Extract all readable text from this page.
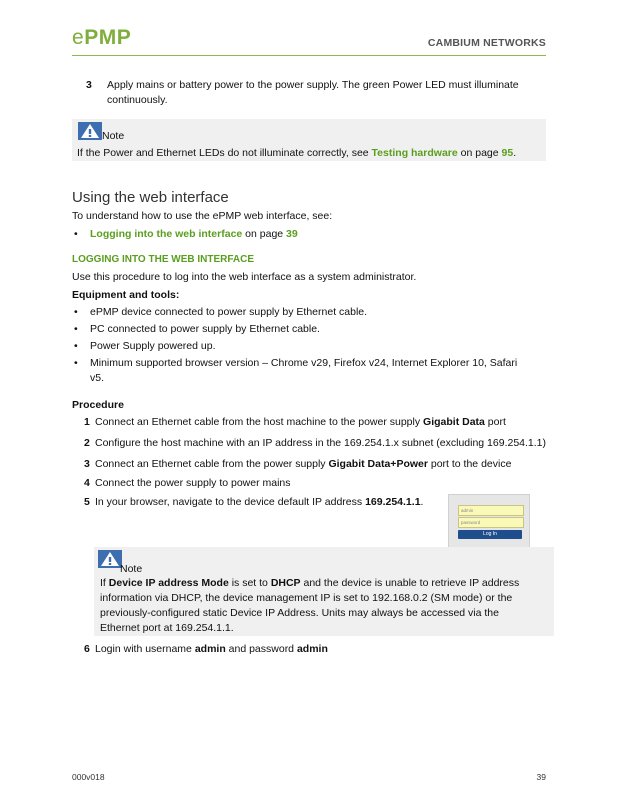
ePMP	CAMBIUM NETWORKS
3 Apply mains or battery power to the power supply. The green Power LED must illuminate
continuously.
Note
If the Power and Ethernet LEDs do not illuminate correctly, see Testing hardware on page 95.
Using the web interface
To understand how to use the ePMP web interface, see:
• Logging into the web interface on page 39
LOGGING INTO THE WEB INTERFACE
Use this procedure to log into the web interface as a system administrator.
Equipment and tools:
• ePMP device connected to power supply by Ethernet cable.
• PC connected to power supply by Ethernet cable.
• Power Supply powered up.
• Minimum supported browser version – Chrome v29, Firefox v24, Internet Explorer 10, Safari
v5.
Procedure
1 Connect an Ethernet cable from the host machine to the power supply Gigabit Data port
2 Configure the host machine with an IP address in the 169.254.1.x subnet (excluding 169.254.1.1)
3 Connect an Ethernet cable from the power supply Gigabit Data+Power port to the device
4 Connect the power supply to power mains
5 In your browser, navigate to the device default IP address 169.254.1.1.
admin
password
Log In
Note
If Device IP address Mode is set to DHCP and the device is unable to retrieve IP address
information via DHCP, the device management IP is set to 192.168.0.2 (SM mode) or the
previously-configured static Device IP Address. Units may always be accessed via the
Ethernet port at 169.254.1.1.
6 Login with username admin and password admin
000v018	39
